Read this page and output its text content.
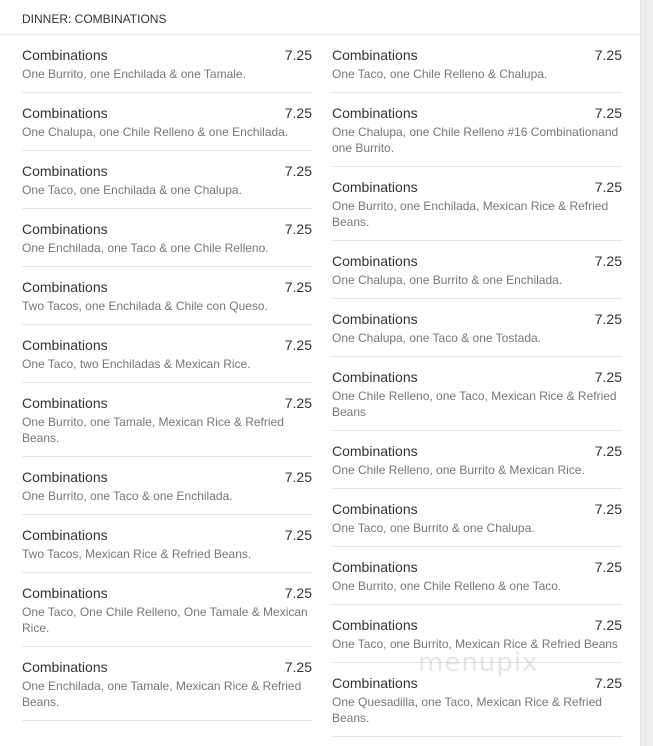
DINNER: COMBINATIONS
Combinations	7.25
One Burrito, one Enchilada & one Tamale.
Combinations	7.25
One Chalupa, one Chile Relleno & one Enchilada.
Combinations	7.25
One Taco, one Enchilada & one Chalupa.
Combinations	7.25
One Enchilada, one Taco & one Chile Relleno.
Combinations	7.25
Two Tacos, one Enchilada & Chile con Queso.
Combinations	7.25
One Taco, two Enchiladas & Mexican Rice.
Combinations	7.25
One Burrito, one Tamale, Mexican Rice & Refried Beans.
Combinations	7.25
One Burrito, one Taco & one Enchilada.
Combinations	7.25
Two Tacos, Mexican Rice & Refried Beans.
Combinations	7.25
One Taco, One Chile Relleno, One Tamale & Mexican Rice.
Combinations	7.25
One Enchilada, one Tamale, Mexican Rice & Refried Beans.
Combinations	7.25
One Taco, one Chile Relleno & Chalupa.
Combinations	7.25
One Chalupa, one Chile Relleno #16 Combinationand one Burrito.
Combinations	7.25
One Burrito, one Enchilada, Mexican Rice & Refried Beans.
Combinations	7.25
One Chalupa, one Burrito & one Enchilada.
Combinations	7.25
One Chalupa, one Taco & one Tostada.
Combinations	7.25
One Chile Relleno, one Taco, Mexican Rice & Refried Beans
Combinations	7.25
One Chile Relleno, one Burrito & Mexican Rice.
Combinations	7.25
One Taco, one Burrito & one Chalupa.
Combinations	7.25
One Burrito, one Chile Relleno & one Taco.
Combinations	7.25
One Taco, one Burrito, Mexican Rice & Refried Beans
Combinations	7.25
One Quesadilla, one Taco, Mexican Rice & Refried Beans.
menupix
